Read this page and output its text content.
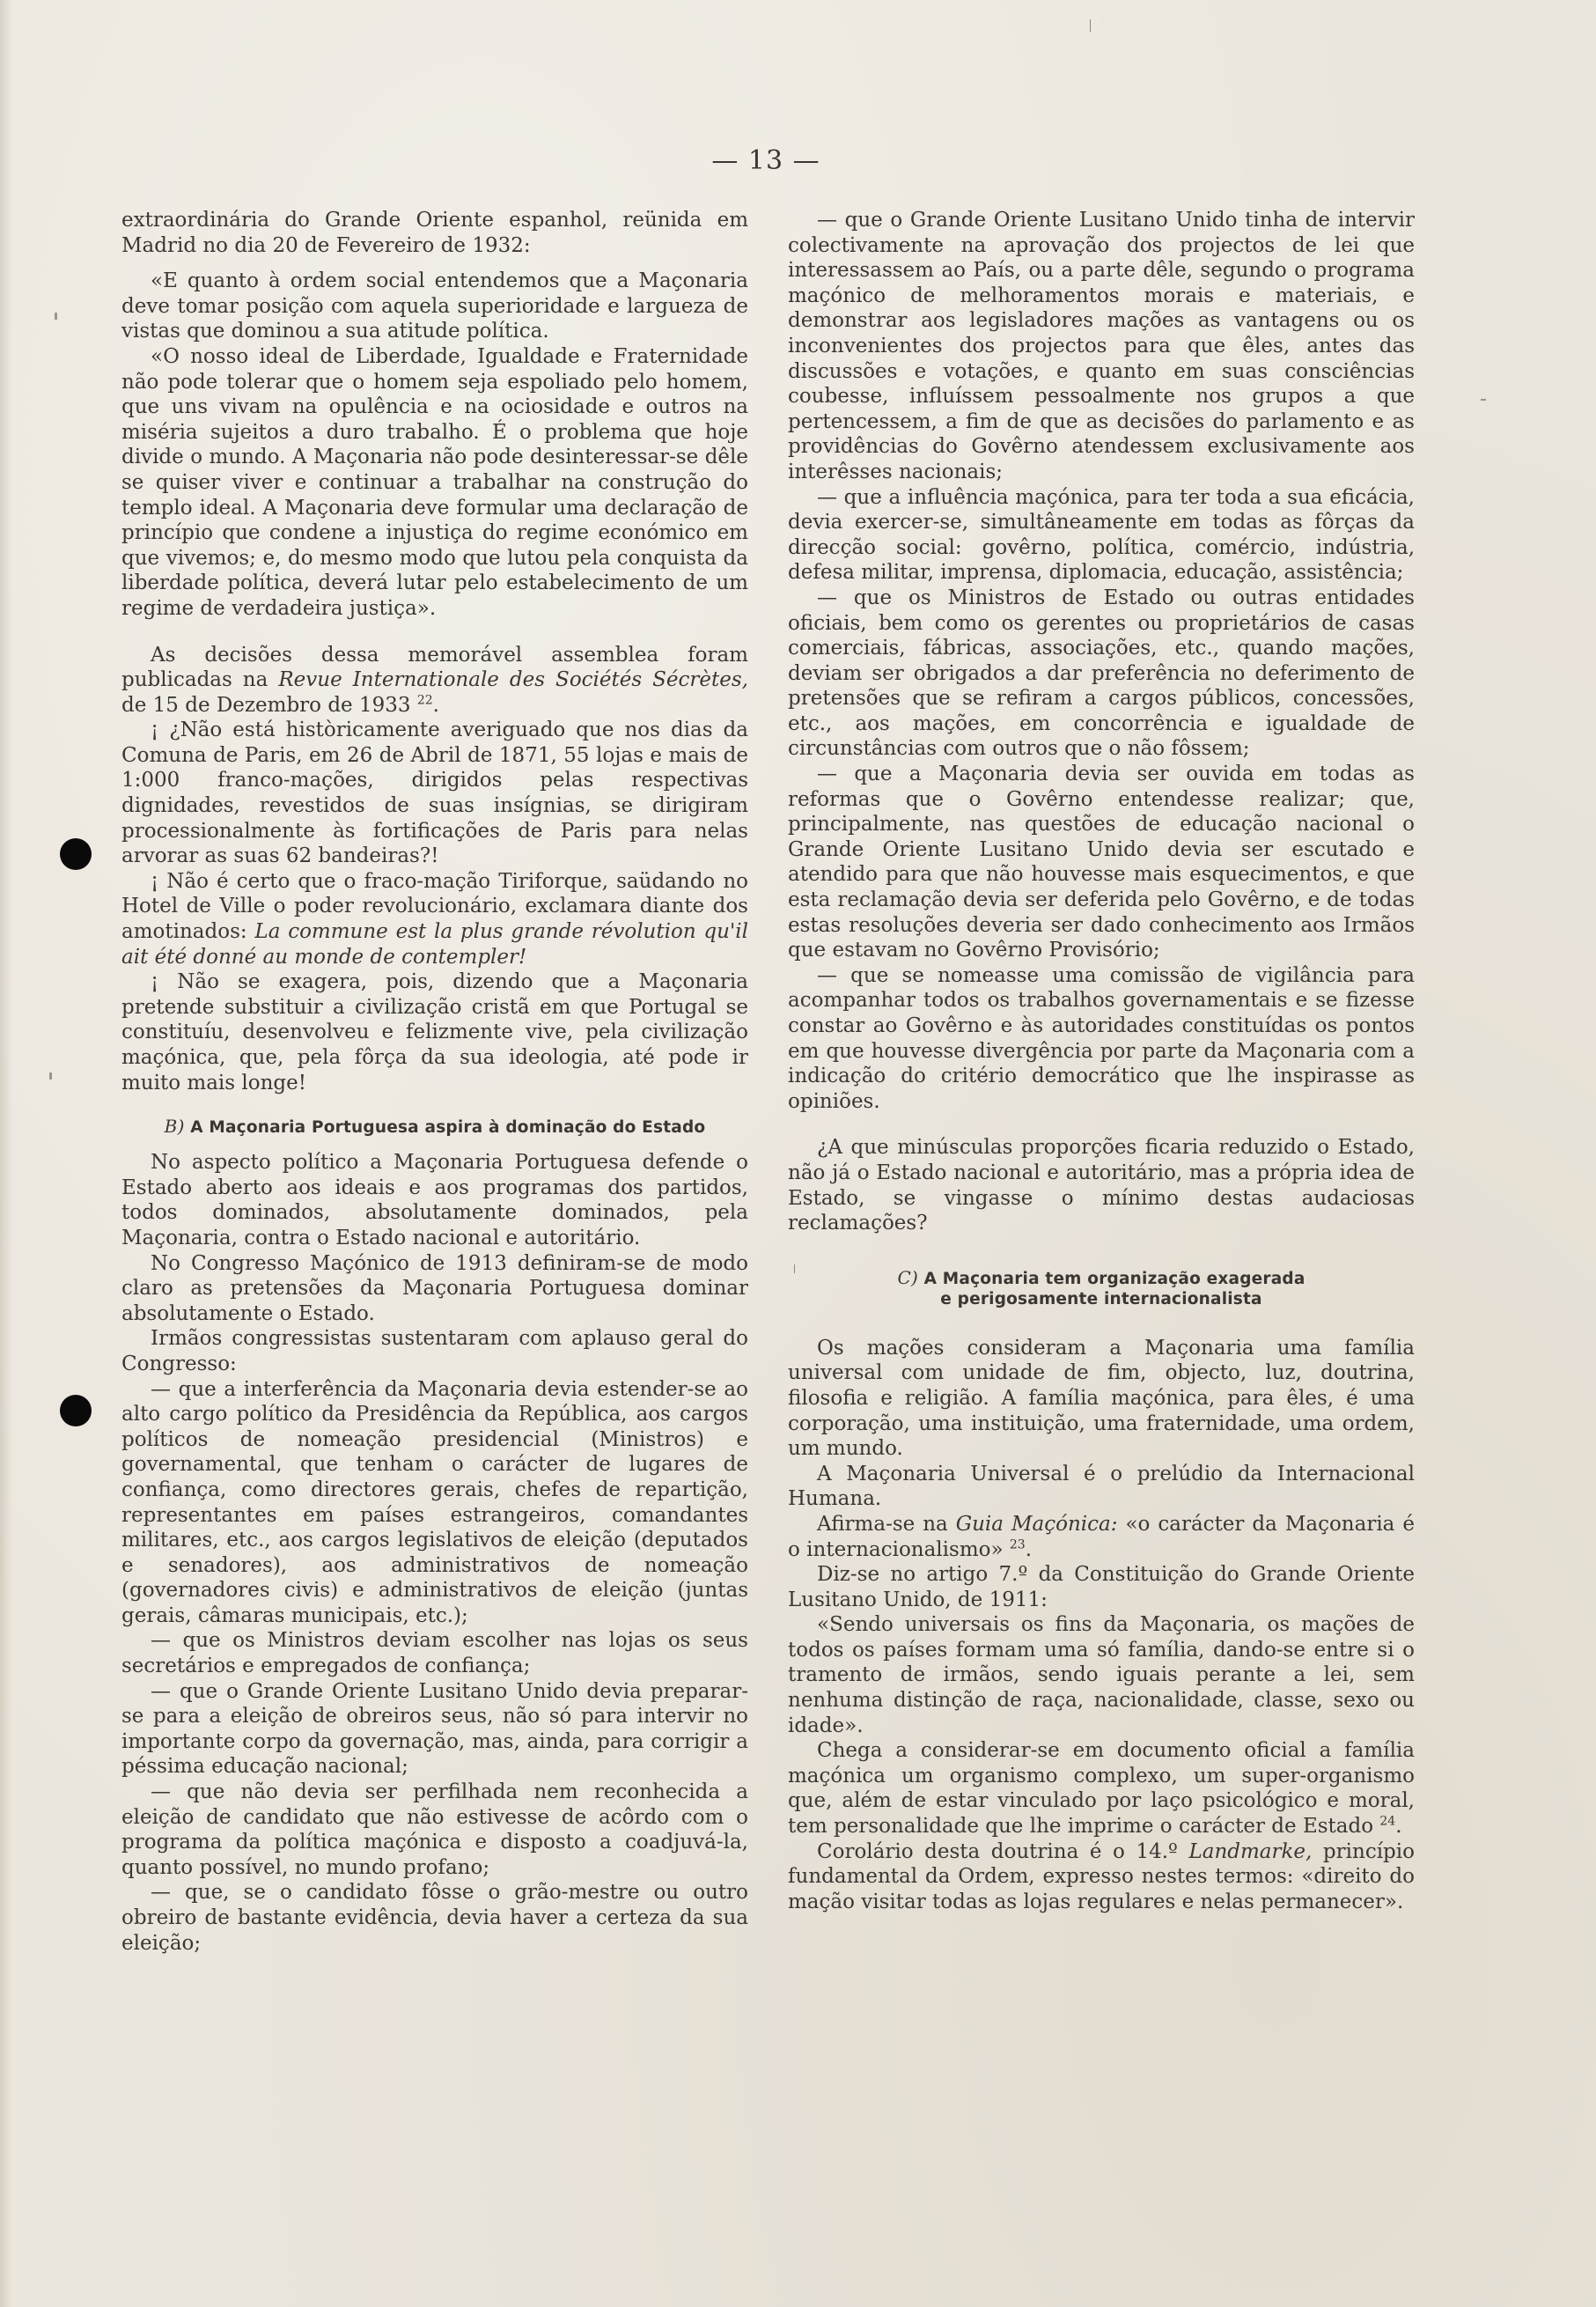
— 13 —

extraordinária do Grande Oriente espanhol, reünida em Madrid no dia 20 de Fevereiro de 1932:

«E quanto à ordem social entendemos que a Maçonaria deve tomar posição com aquela superioridade e largueza de vistas que dominou a sua atitude política.

«O nosso ideal de Liberdade, Igualdade e Fraternidade não pode tolerar que o homem seja espoliado pelo homem, que uns vivam na opulência e na ociosidade e outros na miséria sujeitos a duro trabalho. É o problema que hoje divide o mundo. A Maçonaria não pode desinteressar-se dêle se quiser viver e continuar a trabalhar na construção do templo ideal. A Maçonaria deve formular uma declaração de princípio que condene a injustiça do regime económico em que vivemos; e, do mesmo modo que lutou pela conquista da liberdade política, deverá lutar pelo estabelecimento de um regime de verdadeira justiça».

As decisões dessa memorável assemblea foram publicadas na Revue Internationale des Sociétés Sécrètes, de 15 de Dezembro de 1933 $^{22}$.

¡ ¿Não está històricamente averiguado que nos dias da Comuna de Paris, em 26 de Abril de 1871, 55 lojas e mais de 1:000 franco-mações, dirigidos pelas respectivas dignidades, revestidos de suas insígnias, se dirigiram processionalmente às fortificações de Paris para nelas arvorar as suas 62 bandeiras?!

¡ Não é certo que o fraco-mação Tiriforque, saüdando no Hotel de Ville o poder revolucionário, exclamara diante dos amotinados: La commune est la plus grande révolution qu'il ait été donné au monde de contempler!

¡ Não se exagera, pois, dizendo que a Maçonaria pretende substituir a civilização cristã em que Portugal se constituíu, desenvolveu e felizmente vive, pela civilização maçónica, que, pela fôrça da sua ideologia, até pode ir muito mais longe!

B) A Maçonaria Portuguesa aspira à dominação do Estado

No aspecto político a Maçonaria Portuguesa defende o Estado aberto aos ideais e aos programas dos partidos, todos dominados, absolutamente dominados, pela Maçonaria, contra o Estado nacional e autoritário.

No Congresso Maçónico de 1913 definiram-se de modo claro as pretensões da Maçonaria Portuguesa dominar absolutamente o Estado.

Irmãos congressistas sustentaram com aplauso geral do Congresso:

— que a interferência da Maçonaria devia estender-se ao alto cargo político da Presidência da República, aos cargos políticos de nomeação presidencial (Ministros) e governamental, que tenham o carácter de lugares de confiança, como directores gerais, chefes de repartição, representantes em países estrangeiros, comandantes militares, etc., aos cargos legislativos de eleição (deputados e senadores), aos administrativos de nomeação (governadores civis) e administrativos de eleição (juntas gerais, câmaras municipais, etc.);

— que os Ministros deviam escolher nas lojas os seus secretários e empregados de confiança;

— que o Grande Oriente Lusitano Unido devia preparar-se para a eleição de obreiros seus, não só para intervir no importante corpo da governação, mas, ainda, para corrigir a péssima educação nacional;

— que não devia ser perfilhada nem reconhecida a eleição de candidato que não estivesse de acôrdo com o programa da política maçónica e disposto a coadjuvá-la, quanto possível, no mundo profano;

— que, se o candidato fôsse o grão-mestre ou outro obreiro de bastante evidência, devia haver a certeza da sua eleição;

— que o Grande Oriente Lusitano Unido tinha de intervir colectivamente na aprovação dos projectos de lei que interessassem ao País, ou a parte dêle, segundo o programa maçónico de melhoramentos morais e materiais, e demonstrar aos legisladores mações as vantagens ou os inconvenientes dos projectos para que êles, antes das discussões e votações, e quanto em suas consciências coubesse, influíssem pessoalmente nos grupos a que pertencessem, a fim de que as decisões do parlamento e as providências do Govêrno atendessem exclusivamente aos interêsses nacionais;

— que a influência maçónica, para ter toda a sua eficácia, devia exercer-se, simultâneamente em todas as fôrças da direcção social: govêrno, política, comércio, indústria, defesa militar, imprensa, diplomacia, educação, assistência;

— que os Ministros de Estado ou outras entidades oficiais, bem como os gerentes ou proprietários de casas comerciais, fábricas, associações, etc., quando mações, deviam ser obrigados a dar preferência no deferimento de pretensões que se refiram a cargos públicos, concessões, etc., aos mações, em concorrência e igualdade de circunstâncias com outros que o não fôssem;

— que a Maçonaria devia ser ouvida em todas as reformas que o Govêrno entendesse realizar; que, principalmente, nas questões de educação nacional o Grande Oriente Lusitano Unido devia ser escutado e atendido para que não houvesse mais esquecimentos, e que esta reclamação devia ser deferida pelo Govêrno, e de todas estas resoluções deveria ser dado conhecimento aos Irmãos que estavam no Govêrno Provisório;

— que se nomeasse uma comissão de vigilância para acompanhar todos os trabalhos governamentais e se fizesse constar ao Govêrno e às autoridades constituídas os pontos em que houvesse divergência por parte da Maçonaria com a indicação do critério democrático que lhe inspirasse as opiniões.

¿A que minúsculas proporções ficaria reduzido o Estado, não já o Estado nacional e autoritário, mas a própria idea de Estado, se vingasse o mínimo destas audaciosas reclamações?

C) A Maçonaria tem organização exagerada
e perigosamente internacionalista

Os mações consideram a Maçonaria uma família universal com unidade de fim, objecto, luz, doutrina, filosofia e religião. A família maçónica, para êles, é uma corporação, uma instituição, uma fraternidade, uma ordem, um mundo.

A Maçonaria Universal é o prelúdio da Internacional Humana.

Afirma-se na Guia Maçónica: «o carácter da Maçonaria é o internacionalismo» $^{23}$.

Diz-se no artigo 7.º da Constituição do Grande Oriente Lusitano Unido, de 1911:

«Sendo universais os fins da Maçonaria, os mações de todos os países formam uma só família, dando-se entre si o tramento de irmãos, sendo iguais perante a lei, sem nenhuma distinção de raça, nacionalidade, classe, sexo ou idade».

Chega a considerar-se em documento oficial a família maçónica um organismo complexo, um super-organismo que, além de estar vinculado por laço psicológico e moral, tem personalidade que lhe imprime o carácter de Estado $^{24}$.

Corolário desta doutrina é o 14.º Landmarke, princípio fundamental da Ordem, expresso nestes termos: «direito do mação visitar todas as lojas regulares e nelas permanecer».
